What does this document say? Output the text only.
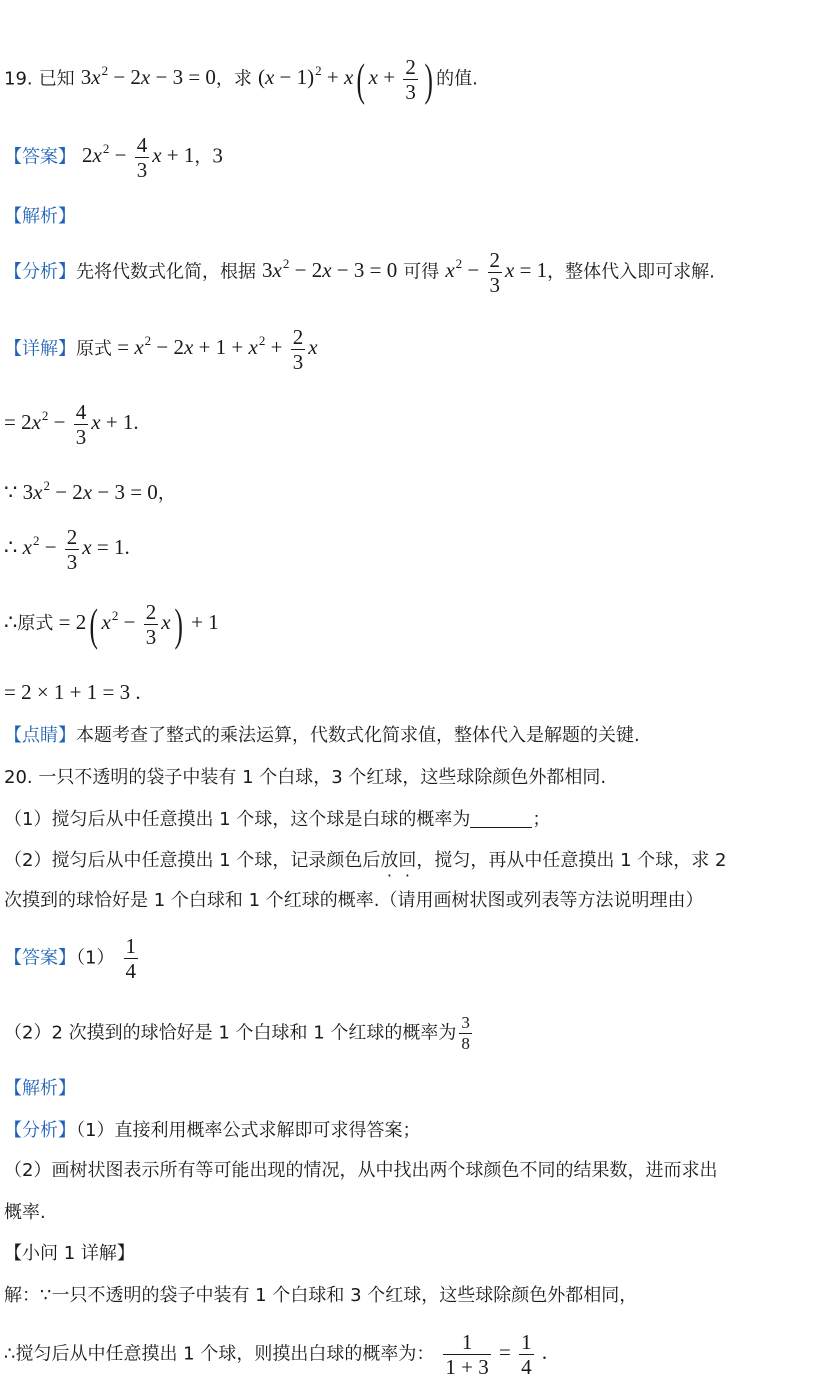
19. 已知 $3x^2 - 2x - 3 = 0$，求 $(x - 1)^2 + x$( $x + \frac{2}{3}$ ) 的值.
【答案】 $2x^2 - \frac{4}{3}$ x + 1，3
【解析】
【分析】先将代数式化简，根据 $3x^2 - 2x - 3 = 0$ 可得 $x^2 - \frac{2}{3}$ x = 1，整体代入即可求解.
【详解】原式 = $x^2 - 2x + 1 + x^2 + \frac{2}{3}$ x
= $2x^2 - \frac{4}{3}$ x + 1.
∵ $3x^2 - 2x - 3 = 0$，
∴ $x^2 - \frac{2}{3}$ x = 1.
∴原式 = 2( $x^2 - \frac{2}{3} x) + 1$
= 2 × 1 + 1 = 3 .
【点睛】本题考查了整式的乘法运算，代数式化简求值，整体代入是解题的关键.
20. 一只不透明的袋子中装有 1 个白球，3 个红球，这些球除颜色外都相同.
（1）搅匀后从中任意摸出 1 个球，这个球是白球的概率为	；
（2）搅匀后从中任意摸出 1 个球，记录颜色后放回，搅匀，再从中任意摸出 1 个球，求 2
次摸到的球恰好是 1 个白球和 1 个红球的概率.（请用画树状图或列表等方法说明理由）
【答案】$(1) \frac{1}{4}$
（2）2 次摸到的球恰好是 1 个白球和 1 个红球的概率为 $\frac{3}{8}$
【解析】
【分析】（1）直接利用概率公式求解即可求得答案；
（2）画树状图表示所有等可能出现的情况，从中找出两个球颜色不同的结果数，进而求出
概率.
【小问 1 详解】
解：∵一只不透明的袋子中装有 1 个白球和 3 个红球，这些球除颜色外都相同，
∴搅匀后从中任意摸出 1 个球，则摸出白球的概率为： $\frac{1}{1 + 3} = \frac{1}{4}$ .
